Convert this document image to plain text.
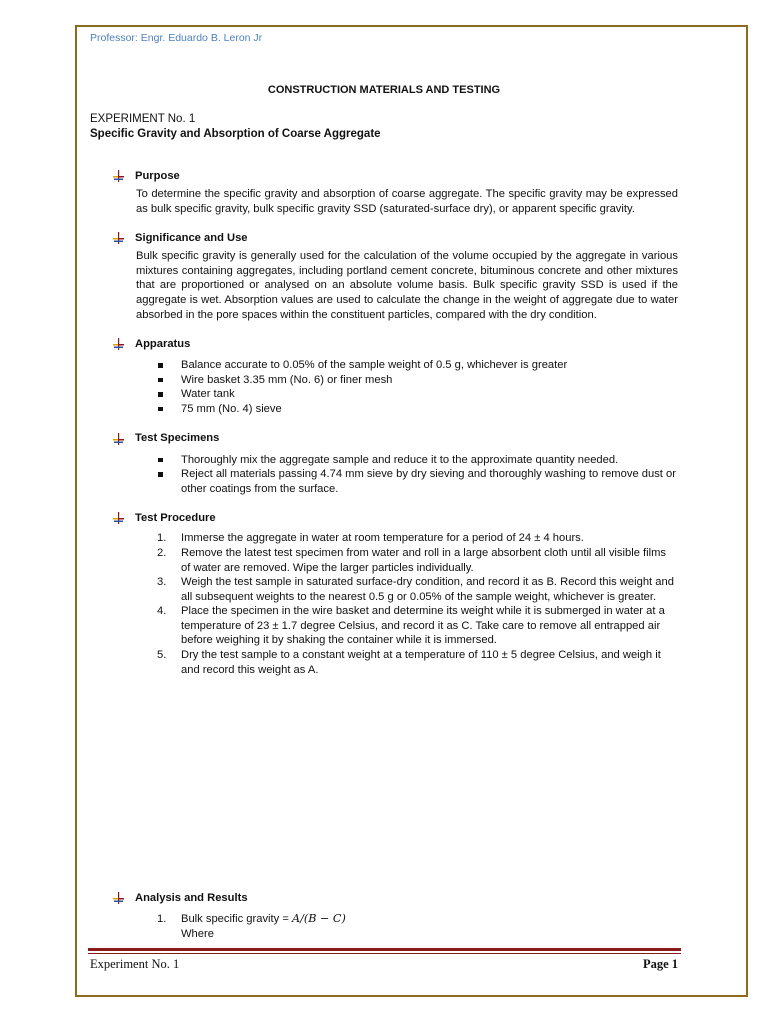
Professor: Engr. Eduardo B. Leron Jr
CONSTRUCTION MATERIALS AND TESTING
EXPERIMENT No. 1
Specific Gravity and Absorption of Coarse Aggregate
Purpose
To determine the specific gravity and absorption of coarse aggregate. The specific gravity may be expressed as bulk specific gravity, bulk specific gravity SSD (saturated-surface dry), or apparent specific gravity.
Significance and Use
Bulk specific gravity is generally used for the calculation of the volume occupied by the aggregate in various mixtures containing aggregates, including portland cement concrete, bituminous concrete and other mixtures that are proportioned or analysed on an absolute volume basis. Bulk specific gravity SSD is used if the aggregate is wet. Absorption values are used to calculate the change in the weight of aggregate due to water absorbed in the pore spaces within the constituent particles, compared with the dry condition.
Apparatus
Balance accurate to 0.05% of the sample weight of 0.5 g, whichever is greater
Wire basket 3.35 mm (No. 6) or finer mesh
Water tank
75 mm (No. 4) sieve
Test Specimens
Thoroughly mix the aggregate sample and reduce it to the approximate quantity needed.
Reject all materials passing 4.74 mm sieve by dry sieving and thoroughly washing to remove dust or other coatings from the surface.
Test Procedure
1. Immerse the aggregate in water at room temperature for a period of 24 ± 4 hours.
2. Remove the latest test specimen from water and roll in a large absorbent cloth until all visible films of water are removed. Wipe the larger particles individually.
3. Weigh the test sample in saturated surface-dry condition, and record it as B. Record this weight and all subsequent weights to the nearest 0.5 g or 0.05% of the sample weight, whichever is greater.
4. Place the specimen in the wire basket and determine its weight while it is submerged in water at a temperature of 23 ± 1.7 degree Celsius, and record it as C. Take care to remove all entrapped air before weighing it by shaking the container while it is immersed.
5. Dry the test sample to a constant weight at a temperature of 110 ± 5 degree Celsius, and weigh it and record this weight as A.
Analysis and Results
1. Bulk specific gravity = A/(B − C)
Where
Experiment No. 1	Page 1
